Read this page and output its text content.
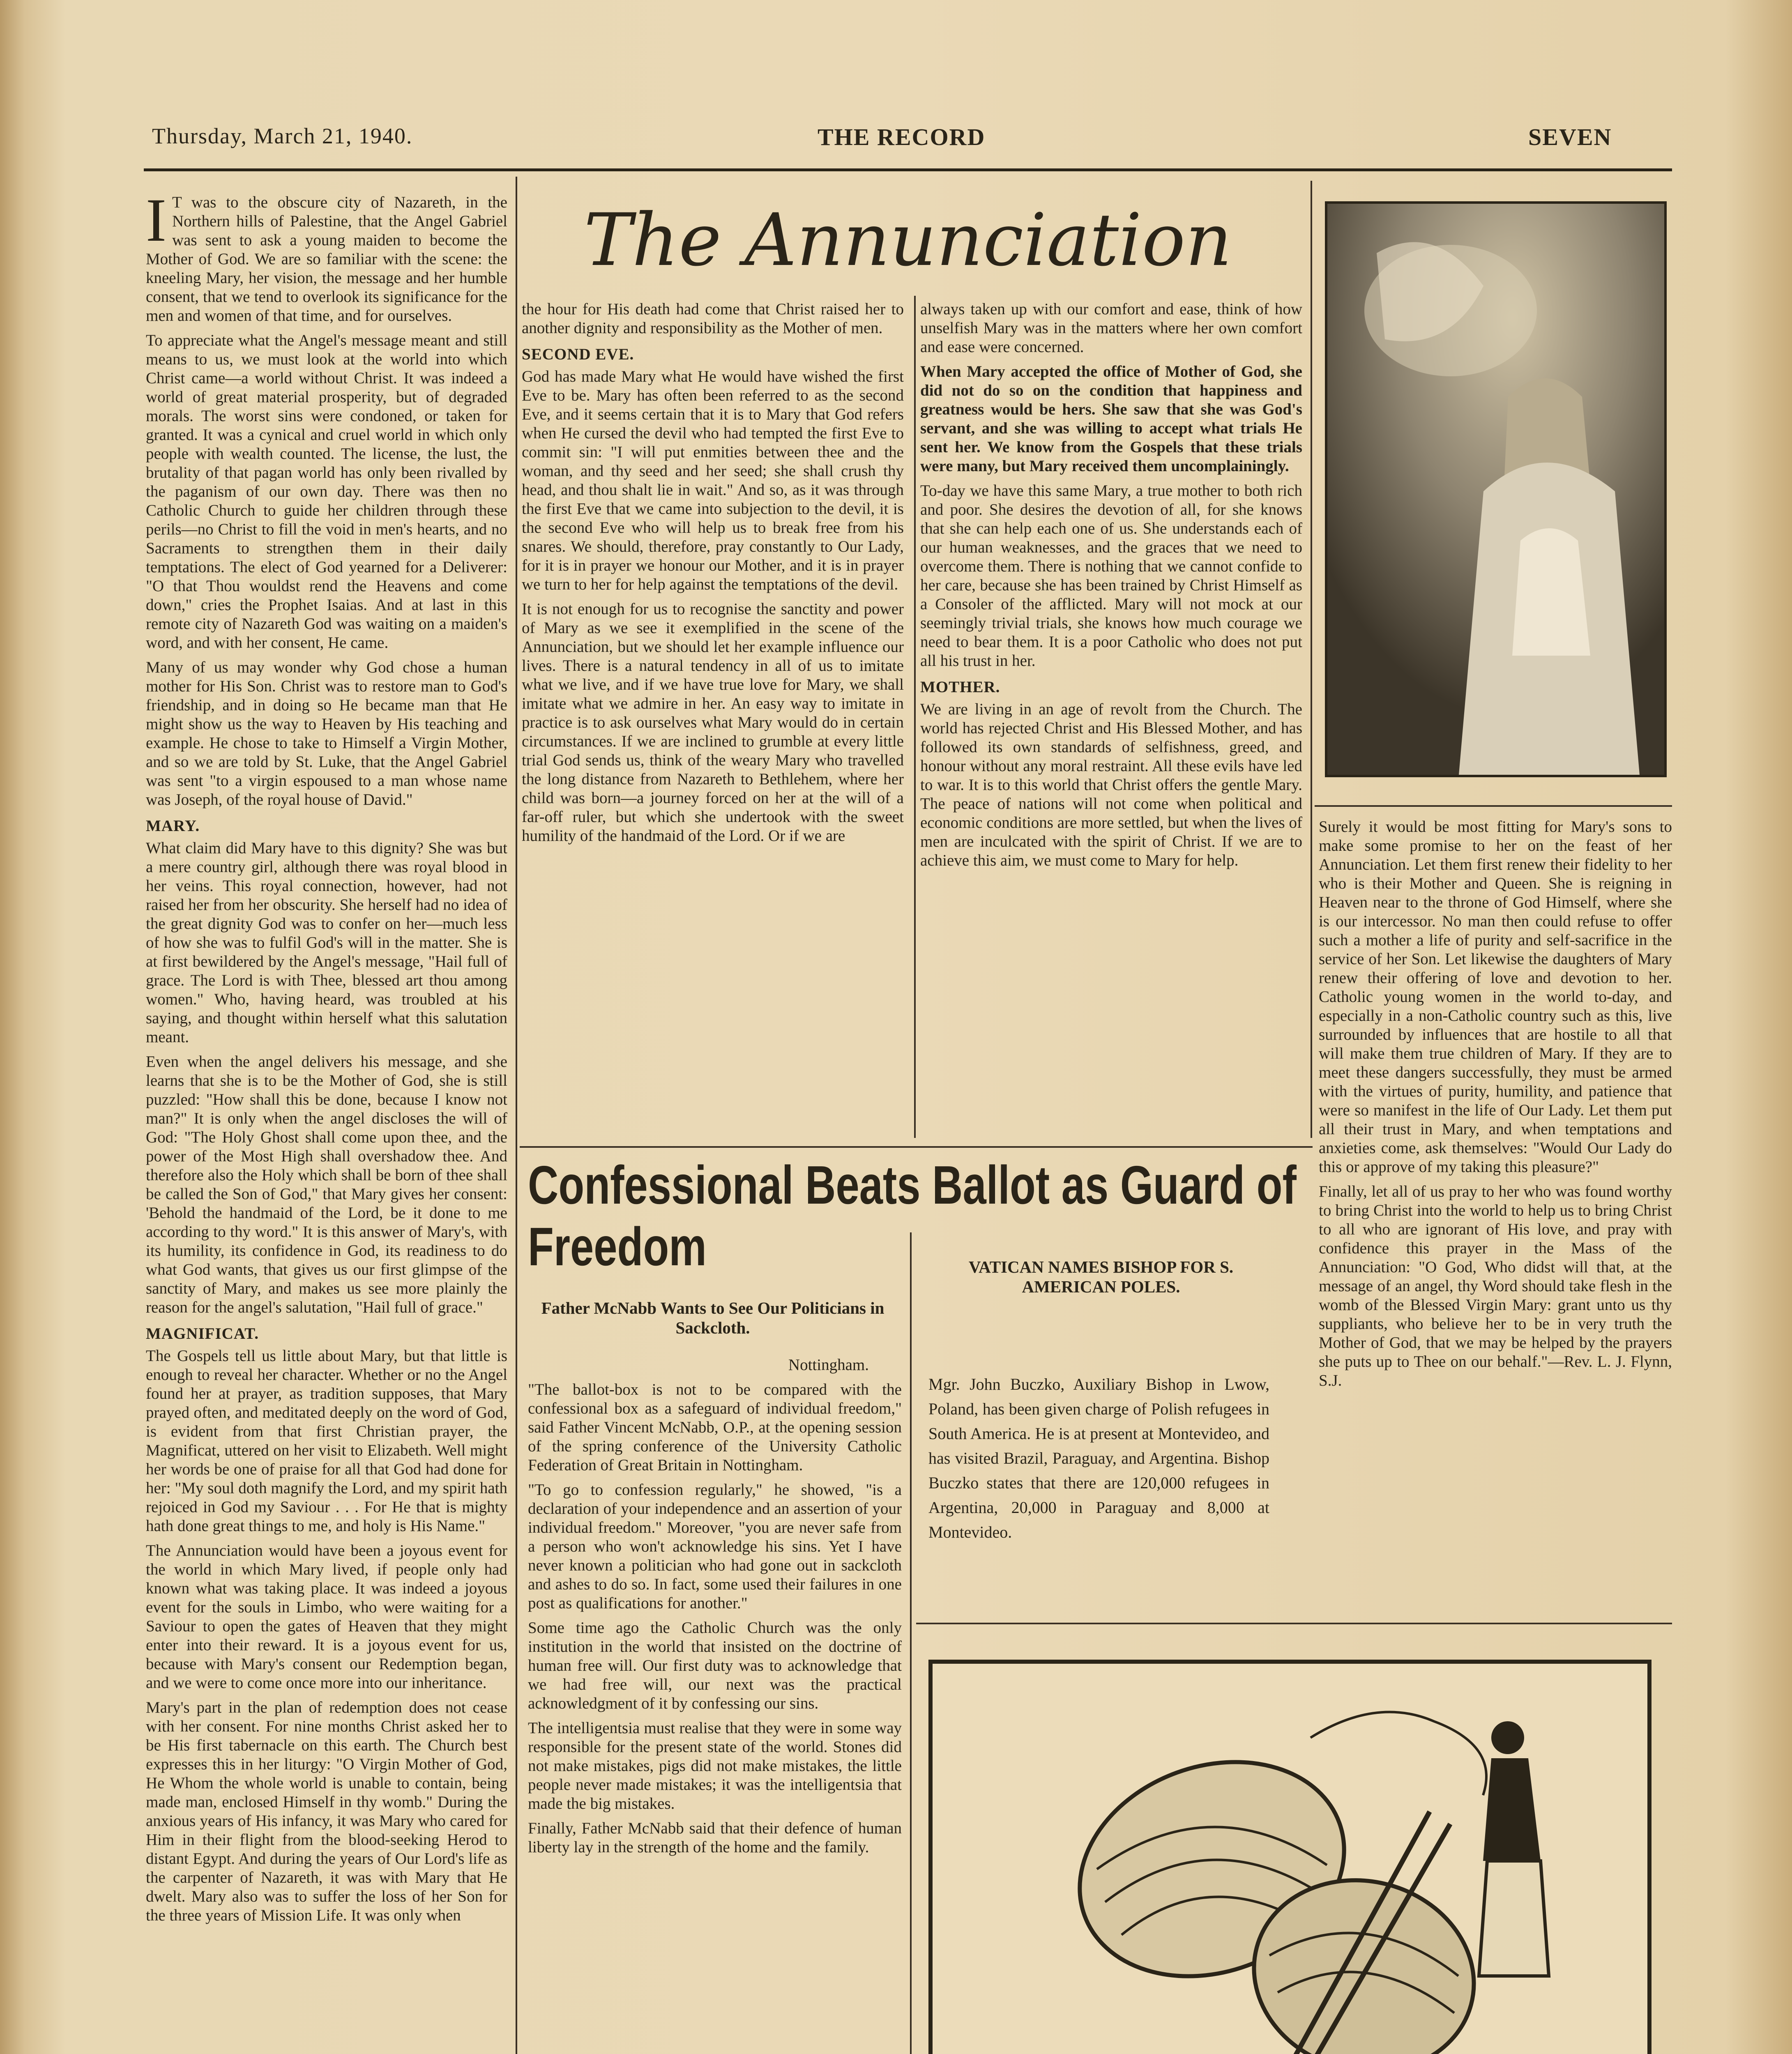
Thursday, March 21, 1940.	THE RECORD	SEVEN
The Annunciation

I T was to the obscure city of Nazareth, in the Northern hills of Palestine, that the Angel Gabriel was sent to ask a young maiden to become the Mother of God. We are so familiar with the scene: the kneeling Mary, her vision, the message and her humble consent, that we tend to overlook its significance for the men and women of that time, and for ourselves.

To appreciate what the Angel's message meant and still means to us, we must look at the world into which Christ came—a world without Christ. It was indeed a world of great material prosperity, but of degraded morals. The worst sins were condoned, or taken for granted. It was a cynical and cruel world in which only people with wealth counted. The license, the lust, the brutality of that pagan world has only been rivalled by the paganism of our own day. There was then no Catholic Church to guide her children through these perils—no Christ to fill the void in men's hearts, and no Sacraments to strengthen them in their daily temptations. The elect of God yearned for a Deliverer: "O that Thou wouldst rend the Heavens and come down," cries the Prophet Isaias. And at last in this remote city of Nazareth God was waiting on a maiden's word, and with her consent, He came.

Many of us may wonder why God chose a human mother for His Son. Christ was to restore man to God's friendship, and in doing so He became man that He might show us the way to Heaven by His teaching and example. He chose to take to Himself a Virgin Mother, and so we are told by St. Luke, that the Angel Gabriel was sent "to a virgin espoused to a man whose name was Joseph, of the royal house of David."

MARY.

What claim did Mary have to this dignity? She was but a mere country girl, although there was royal blood in her veins. This royal connection, however, had not raised her from her obscurity. She herself had no idea of the great dignity God was to confer on her—much less of how she was to fulfil God's will in the matter. She is at first bewildered by the Angel's message, "Hail full of grace. The Lord is with Thee, blessed art thou among women." Who, having heard, was troubled at his saying, and thought within herself what this salutation meant.

Even when the angel delivers his message, and she learns that she is to be the Mother of God, she is still puzzled: "How shall this be done, because I know not man?" It is only when the angel discloses the will of God: "The Holy Ghost shall come upon thee, and the power of the Most High shall overshadow thee. And therefore also the Holy which shall be born of thee shall be called the Son of God," that Mary gives her consent: 'Behold the handmaid of the Lord, be it done to me according to thy word." It is this answer of Mary's, with its humility, its confidence in God, its readiness to do what God wants, that gives us our first glimpse of the sanctity of Mary, and makes us see more plainly the reason for the angel's salutation, "Hail full of grace."

MAGNIFICAT.

The Gospels tell us little about Mary, but that little is enough to reveal her character. Whether or no the Angel found her at prayer, as tradition supposes, that Mary prayed often, and meditated deeply on the word of God, is evident from that first Christian prayer, the Magnificat, uttered on her visit to Elizabeth. Well might her words be one of praise for all that God had done for her: "My soul doth magnify the Lord, and my spirit hath rejoiced in God my Saviour . . . For He that is mighty hath done great things to me, and holy is His Name."

The Annunciation would have been a joyous event for the world in which Mary lived, if people only had known what was taking place. It was indeed a joyous event for the souls in Limbo, who were waiting for a Saviour to open the gates of Heaven that they might enter into their reward. It is a joyous event for us, because with Mary's consent our Redemption began, and we were to come once more into our inheritance.

Mary's part in the plan of redemption does not cease with her consent. For nine months Christ asked her to be His first tabernacle on this earth. The Church best expresses this in her liturgy: "O Virgin Mother of God, He Whom the whole world is unable to contain, being made man, enclosed Himself in thy womb." During the anxious years of His infancy, it was Mary who cared for Him in their flight from the blood-seeking Herod to distant Egypt. And during the years of Our Lord's life as the carpenter of Nazareth, it was with Mary that He dwelt. Mary also was to suffer the loss of her Son for the three years of Mission Life. It was only when

the hour for His death had come that Christ raised her to another dignity and responsibility as the Mother of men.

SECOND EVE.

God has made Mary what He would have wished the first Eve to be. Mary has often been referred to as the second Eve, and it seems certain that it is to Mary that God refers when He cursed the devil who had tempted the first Eve to commit sin: "I will put enmities between thee and the woman, and thy seed and her seed; she shall crush thy head, and thou shalt lie in wait." And so, as it was through the first Eve that we came into subjection to the devil, it is the second Eve who will help us to break free from his snares. We should, therefore, pray constantly to Our Lady, for it is in prayer we honour our Mother, and it is in prayer we turn to her for help against the temptations of the devil.

It is not enough for us to recognise the sanctity and power of Mary as we see it exemplified in the scene of the Annunciation, but we should let her example influence our lives. There is a natural tendency in all of us to imitate what we live, and if we have true love for Mary, we shall imitate what we admire in her. An easy way to imitate in practice is to ask ourselves what Mary would do in certain circumstances. If we are inclined to grumble at every little trial God sends us, think of the weary Mary who travelled the long distance from Nazareth to Bethlehem, where her child was born—a journey forced on her at the will of a far-off ruler, but which she undertook with the sweet humility of the handmaid of the Lord. Or if we are

always taken up with our comfort and ease, think of how unselfish Mary was in the matters where her own comfort and ease were concerned.

When Mary accepted the office of Mother of God, she did not do so on the condition that happiness and greatness would be hers. She saw that she was God's servant, and she was willing to accept what trials He sent her. We know from the Gospels that these trials were many, but Mary received them uncomplainingly.

To-day we have this same Mary, a true mother to both rich and poor. She desires the devotion of all, for she knows that she can help each one of us. She understands each of our human weaknesses, and the graces that we need to overcome them. There is nothing that we cannot confide to her care, because she has been trained by Christ Himself as a Consoler of the afflicted. Mary will not mock at our seemingly trivial trials, she knows how much courage we need to bear them. It is a poor Catholic who does not put all his trust in her.

MOTHER.

We are living in an age of revolt from the Church. The world has rejected Christ and His Blessed Mother, and has followed its own standards of selfishness, greed, and honour without any moral restraint. All these evils have led to war. It is to this world that Christ offers the gentle Mary. The peace of nations will not come when political and economic conditions are more settled, but when the lives of men are inculcated with the spirit of Christ. If we are to achieve this aim, we must come to Mary for help.

Surely it would be most fitting for Mary's sons to make some promise to her on the feast of her Annunciation. Let them first renew their fidelity to her who is their Mother and Queen. She is reigning in Heaven near to the throne of God Himself, where she is our intercessor. No man then could refuse to offer such a mother a life of purity and self-sacrifice in the service of her Son. Let likewise the daughters of Mary renew their offering of love and devotion to her. Catholic young women in the world to-day, and especially in a non-Catholic country such as this, live surrounded by influences that are hostile to all that will make them true children of Mary. If they are to meet these dangers successfully, they must be armed with the virtues of purity, humility, and patience that were so manifest in the life of Our Lady. Let them put all their trust in Mary, and when temptations and anxieties come, ask themselves: "Would Our Lady do this or approve of my taking this pleasure?"

Finally, let all of us pray to her who was found worthy to bring Christ into the world to help us to bring Christ to all who are ignorant of His love, and pray with confidence this prayer in the Mass of the Annunciation: "O God, Who didst will that, at the message of an angel, thy Word should take flesh in the womb of the Blessed Virgin Mary: grant unto us thy suppliants, who believe her to be in very truth the Mother of God, that we may be helped by the prayers she puts up to Thee on our behalf."—Rev. L. J. Flynn, S.J.

Confessional Beats Ballot as Guard of Freedom
Father McNabb Wants to See Our Politicians in Sackcloth.

Nottingham.

"The ballot-box is not to be compared with the confessional box as a safeguard of individual freedom," said Father Vincent McNabb, O.P., at the opening session of the spring conference of the University Catholic Federation of Great Britain in Nottingham.

"To go to confession regularly," he showed, "is a declaration of your independence and an assertion of your individual freedom." Moreover, "you are never safe from a person who won't acknowledge his sins. Yet I have never known a politician who had gone out in sackcloth and ashes to do so. In fact, some used their failures in one post as qualifications for another."

Some time ago the Catholic Church was the only institution in the world that insisted on the doctrine of human free will. Our first duty was to acknowledge that we had free will, our next was the practical acknowledgment of it by confessing our sins.

The intelligentsia must realise that they were in some way responsible for the present state of the world. Stones did not make mistakes, pigs did not make mistakes, the little people never made mistakes; it was the intelligentsia that made the big mistakes.

Finally, Father McNabb said that their defence of human liberty lay in the strength of the home and the family.

VATICAN NAMES BISHOP FOR S. AMERICAN POLES.

Mgr. John Buczko, Auxiliary Bishop in Lwow, Poland, has been given charge of Polish refugees in South America. He is at present at Montevideo, and has visited Brazil, Paraguay, and Argentina. Bishop Buczko states that there are 120,000 refugees in Argentina, 20,000 in Paraguay and 8,000 at Montevideo.
